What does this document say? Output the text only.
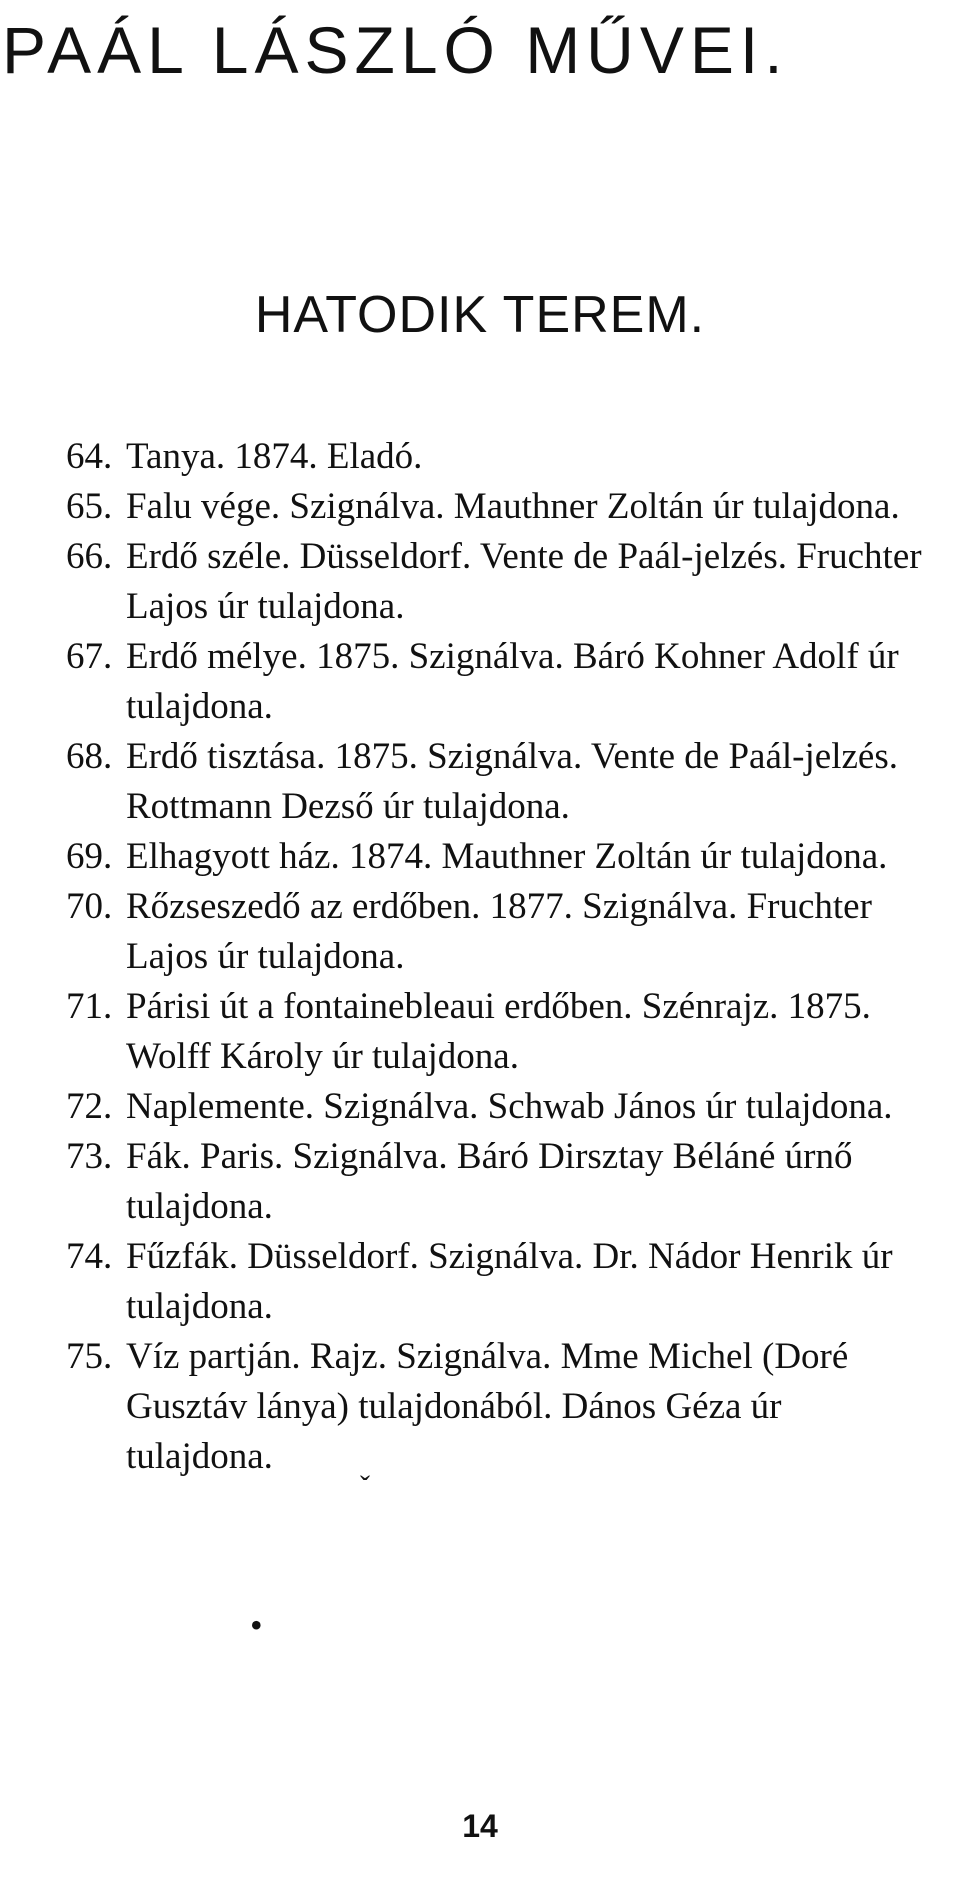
PAÁL LÁSZLÓ MŰVEI.
HATODIK TEREM.
64. Tanya. 1874. Eladó.
65. Falu vége. Szignálva. Mauthner Zoltán úr tulajdona.
66. Erdő széle. Düsseldorf. Vente de Paál-jelzés. Fruchter Lajos úr tulajdona.
67. Erdő mélye. 1875. Szignálva. Báró Kohner Adolf úr tulajdona.
68. Erdő tisztása. 1875. Szignálva. Vente de Paál-jelzés. Rottmann Dezső úr tulajdona.
69. Elhagyott ház. 1874. Mauthner Zoltán úr tulajdona.
70. Rőzseszedő az erdőben. 1877. Szignálva. Fruchter Lajos úr tulajdona.
71. Párisi út a fontainebleaui erdőben. Szénrajz. 1875. Wolff Károly úr tulajdona.
72. Naplemente. Szignálva. Schwab János úr tulajdona.
73. Fák. Paris. Szignálva. Báró Dirsztay Béláné úrnő tulajdona.
74. Fűzfák. Düsseldorf. Szignálva. Dr. Nádor Henrik úr tulajdona.
75. Víz partján. Rajz. Szignálva. Mme Michel (Doré Gusztáv lánya) tulajdonából. Dános Géza úr tulajdona.
ˇ
•
14
